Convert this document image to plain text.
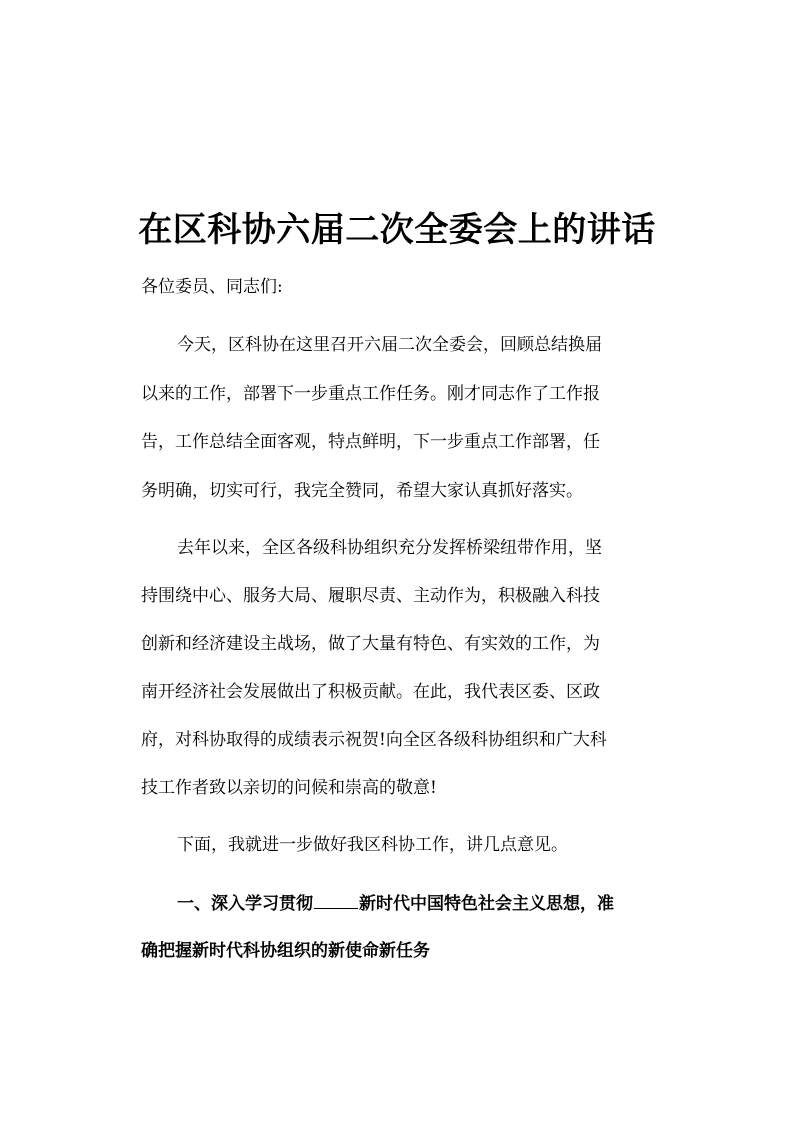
在区科协六届二次全委会上的讲话
各位委员、同志们:
今天，区科协在这里召开六届二次全委会，回顾总结换届
以来的工作，部署下一步重点工作任务。刚才同志作了工作报
告，工作总结全面客观，特点鲜明，下一步重点工作部署，任
务明确，切实可行，我完全赞同，希望大家认真抓好落实。
去年以来，全区各级科协组织充分发挥桥梁纽带作用，坚
持围绕中心、服务大局、履职尽责、主动作为，积极融入科技
创新和经济建设主战场，做了大量有特色、有实效的工作，为
南开经济社会发展做出了积极贡献。在此，我代表区委、区政
府，对科协取得的成绩表示祝贺!向全区各级科协组织和广大科
技工作者致以亲切的问候和崇高的敬意!
下面，我就进一步做好我区科协工作，讲几点意见。
一、深入学习贯彻	新时代中国特色社会主义思想，准
确把握新时代科协组织的新使命新任务
